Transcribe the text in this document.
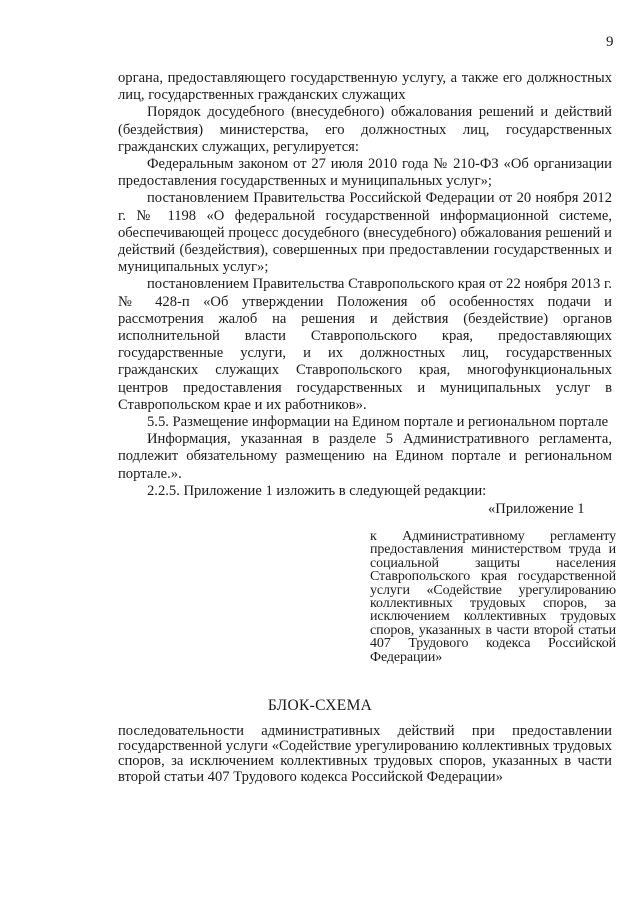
9

органа, предоставляющего государственную услугу, а также его должностных лиц, государственных гражданских служащих

Порядок досудебного (внесудебного) обжалования решений и действий (бездействия) министерства, его должностных лиц, государственных гражданских служащих, регулируется:

Федеральным законом от 27 июля 2010 года № 210-ФЗ «Об организации предоставления государственных и муниципальных услуг»;

постановлением Правительства Российской Федерации от 20 ноября 2012 г. № 1198 «О федеральной государственной информационной системе, обеспечивающей процесс досудебного (внесудебного) обжалования решений и действий (бездействия), совершенных при предоставлении государственных и муниципальных услуг»;

постановлением Правительства Ставропольского края от 22 ноября 2013 г. № 428-п «Об утверждении Положения об особенностях подачи и рассмотрения жалоб на решения и действия (бездействие) органов исполнительной власти Ставропольского края, предоставляющих государственные услуги, и их должностных лиц, государственных гражданских служащих Ставропольского края, многофункциональных центров предоставления государственных и муниципальных услуг в Ставропольском крае и их работников».

5.5. Размещение информации на Едином портале и региональном портале

Информация, указанная в разделе 5 Административного регламента, подлежит обязательному размещению на Едином портале и региональном портале.».

2.2.5. Приложение 1 изложить в следующей редакции:

«Приложение 1
к Административному регламенту предоставления министерством труда и социальной защиты населения Ставропольского края государственной услуги «Содействие урегулированию коллективных трудовых споров, за исключением коллективных трудовых споров, указанных в части второй статьи 407 Трудового кодекса Российской Федерации»
БЛОК-СХЕМА
последовательности административных действий при предоставлении государственной услуги «Содействие урегулированию коллективных трудовых споров, за исключением коллективных трудовых споров, указанных в части второй статьи 407 Трудового кодекса Российской Федерации»
